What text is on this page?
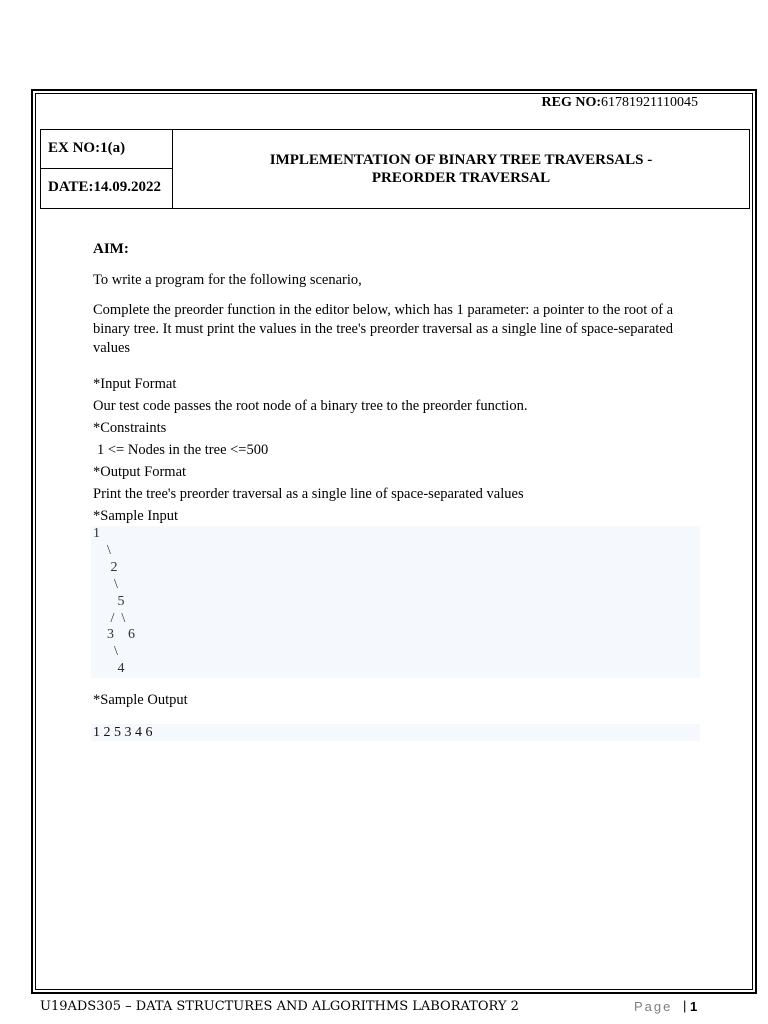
REG NO:61781921110045
EX NO:1(a)
DATE:14.09.2022
IMPLEMENTATION OF BINARY TREE TRAVERSALS -
PREORDER TRAVERSAL
AIM:
To write a program for the following scenario,
Complete the preorder function in the editor below, which has 1 parameter: a pointer to the root of a binary tree. It must print the values in the tree's preorder traversal as a single line of space-separated values
*Input Format
Our test code passes the root node of a binary tree to the preorder function.
*Constraints
1 <= Nodes in the tree <=500
*Output Format
Print the tree's preorder traversal as a single line of space-separated values
*Sample Input
1
\
2
\
5
/  \
3    6
\
4
*Sample Output
1 2 5 3 4 6
U19ADS305 – DATA STRUCTURES AND ALGORITHMS LABORATORY 2	Page | 1
